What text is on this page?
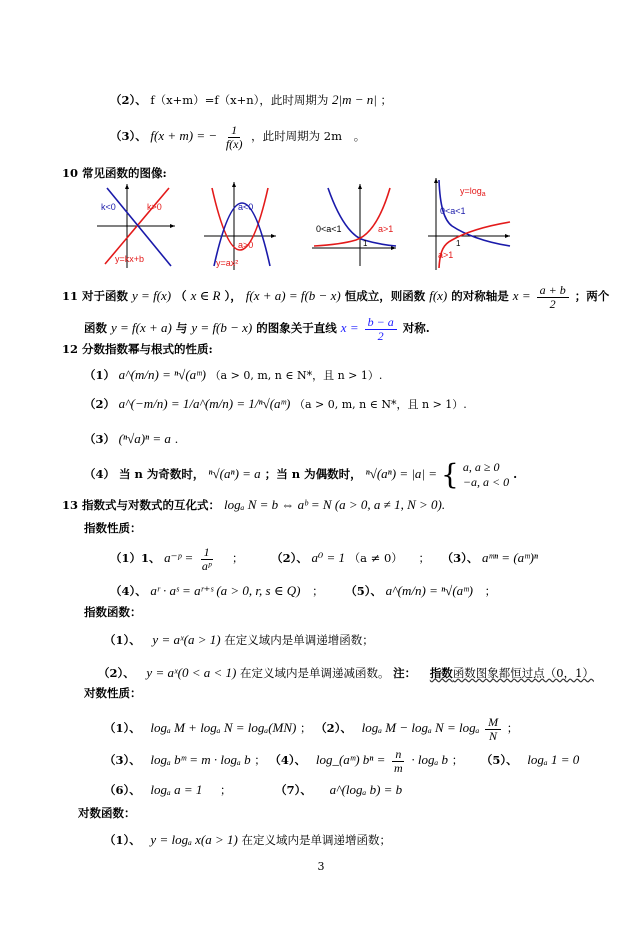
（2）、 f（x+m）=f（x+n），此时周期为 2|m − n| ；
（3）、 f(x + m) = − $\frac{1}{f(x)}$ ，此时周期为 2m 。
10 常见函数的图像:
k<0	k>0
y=kx+b
a<0
a>0
y=ax²
0<a<1	a>1
1
$y=\log_a$
0<a<1
a>1
1
11 对于函数 y = f(x) （ x ∈ R ）， f(x + a) = f(b − x) 恒成立，则函数 f(x) 的对称轴是 $x = \frac{a + b}{2}$ ；两个
函数 y = f(x + a) 与 y = f(b − x) 的图象关于直线 $x = \frac{b - a}{2}$ 对称.
12 分数指数幂与根式的性质:
（1） a^(m/n) = ⁿ√(aᵐ) （a > 0, m, n ∈ N*，且 n > 1）.
（2） a^(−m/n) = 1/a^(m/n) = 1/ⁿ√(aᵐ) （a > 0, m, n ∈ N*，且 n > 1）.
（3） (ⁿ√a)ⁿ = a .
（4） 当 n 为奇数时， ⁿ√(aⁿ) = a ；当 n 为偶数时， ⁿ√(aⁿ) = |a| = { a, a ≥ 0
−a, a < 0
.
13 指数式与对数式的互化式： logₐ N = b ⇔ aᵇ = N (a > 0, a ≠ 1, N > 0).
指数性质：
（1）1、 a⁻ᵖ = $\frac{1}{\text{aᵖ}}$ ； （2）、 a⁰ = 1 （a ≠ 0） ； （3）、 aᵐⁿ = (aᵐ)ⁿ
（4）、 aʳ · aˢ = aʳ⁺ˢ (a > 0, r, s ∈ Q) ； （5）、 a^(m/n) = ⁿ√(aᵐ) ；
指数函数：
（1）、 y = aˣ(a > 1) 在定义域内是单调递增函数；
（2）、 y = aˣ(0 < a < 1) 在定义域内是单调递减函数。 注： 指数函数图象都恒过点（0，1）
对数性质：
（1）、 logₐ M + logₐ N = logₐ(MN) ； （2）、 logₐ M − logₐ N = logₐ $\frac{M}{N}$ ；
（3）、 logₐ bᵐ = m · logₐ b ； （4）、 log_(aᵐ) $b^n = \frac{n}{m} \cdot \log_a$ b ； （5）、 logₐ 1 = 0
（6）、 logₐ a = 1 ；	（7）、 a^(logₐ b) = b
对数函数：
（1）、 y = logₐ x(a > 1) 在定义域内是单调递增函数；
3
